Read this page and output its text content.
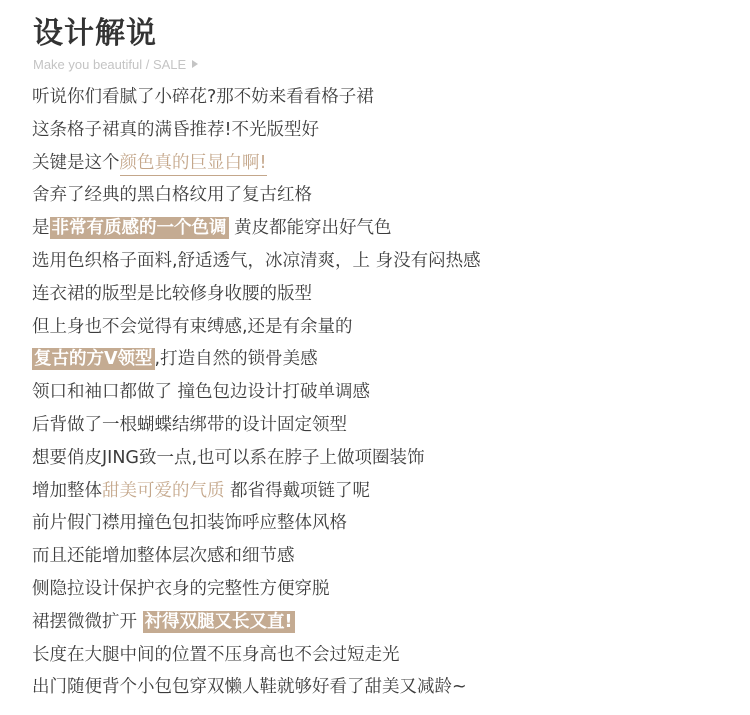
设计解说
Make you beautiful / SALE
听说你们看腻了小碎花?那不妨来看看格子裙
这条格子裙真的满昏推荐!不光版型好
关键是这个颜色真的巨显白啊!
舍弃了经典的黑白格纹用了复古红格
是 非常有质感的一个色调 黄皮都能穿出好气色
选用色织格子面料,舒适透气，冰凉清爽，上 身没有闷热感
连衣裙的版型是比较修身收腰的版型
但上身也不会觉得有束缚感,还是有余量的
复古的方V领型 ,打造自然的锁骨美感
领口和袖口都做了 撞色包边设计打破单调感
后背做了一根蝴蝶结绑带的设计固定领型
想要俏皮JING致一点,也可以系在脖子上做项圈装饰
增加整体甜美可爱的气质 都省得戴项链了呢
前片假门襟用撞色包扣装饰呼应整体风格
而且还能增加整体层次感和细节感
侧隐拉设计保护衣身的完整性方便穿脱
裙摆微微扩开 衬得双腿又长又直!
长度在大腿中间的位置不压身高也不会过短走光
出门随便背个小包包穿双懒人鞋就够好看了甜美又减龄~
